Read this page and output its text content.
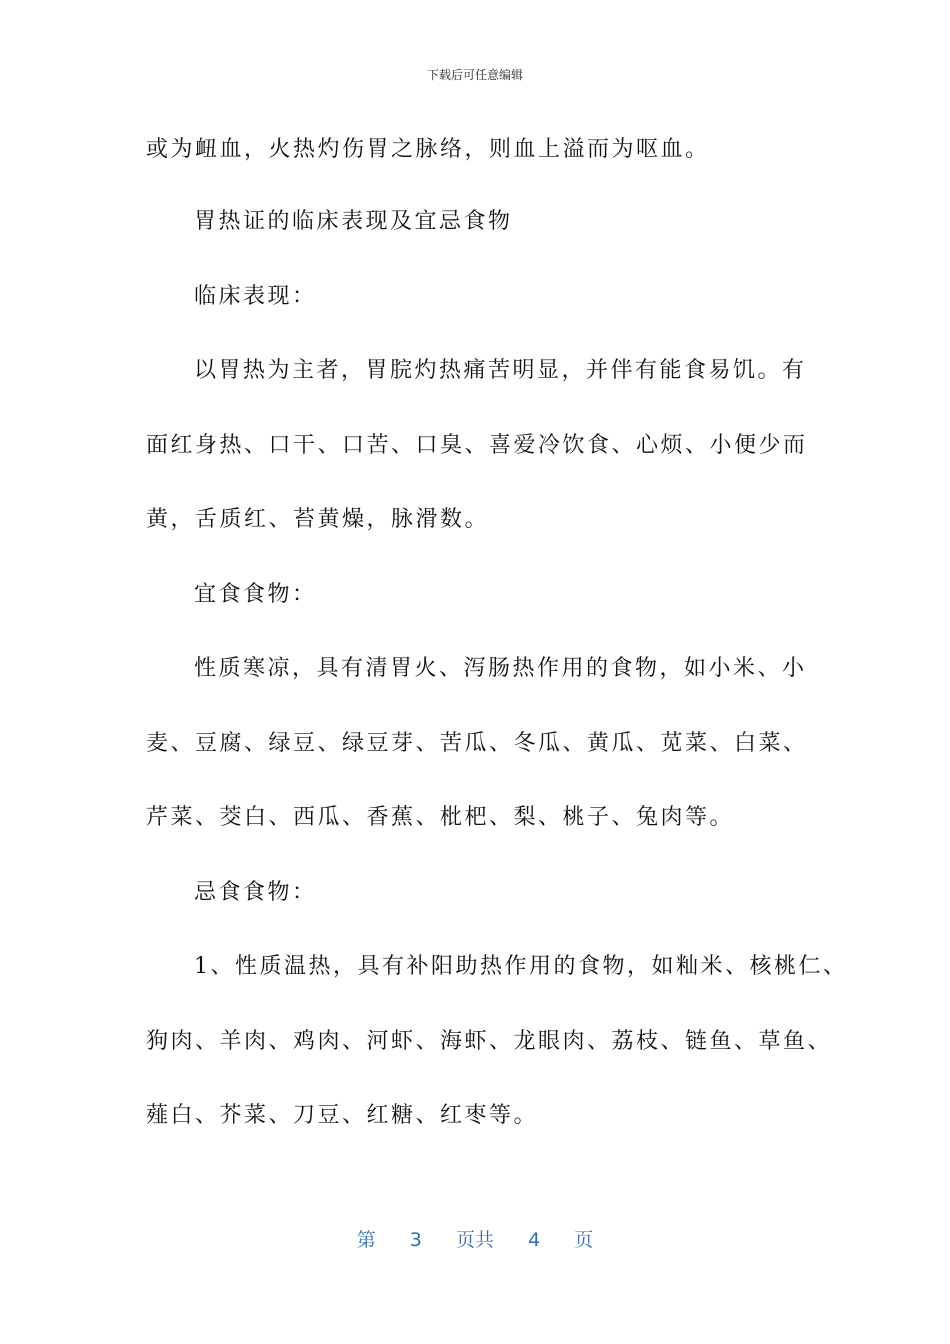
下载后可任意编辑
或为衄血，火热灼伤胃之脉络，则血上溢而为呕血。
胃热证的临床表现及宜忌食物
临床表现：
以胃热为主者，胃脘灼热痛苦明显，并伴有能食易饥。有
面红身热、口干、口苦、口臭、喜爱冷饮食、心烦、小便少而
黄，舌质红、苔黄燥，脉滑数。
宜食食物：
性质寒凉，具有清胃火、泻肠热作用的食物，如小米、小
麦、豆腐、绿豆、绿豆芽、苦瓜、冬瓜、黄瓜、苋菜、白菜、
芹菜、茭白、西瓜、香蕉、枇杷、梨、桃子、兔肉等。
忌食食物：
1、性质温热，具有补阳助热作用的食物，如籼米、核桃仁、
狗肉、羊肉、鸡肉、河虾、海虾、龙眼肉、荔枝、链鱼、草鱼、
薤白、芥菜、刀豆、红糖、红枣等。
第 3 页共 4 页
